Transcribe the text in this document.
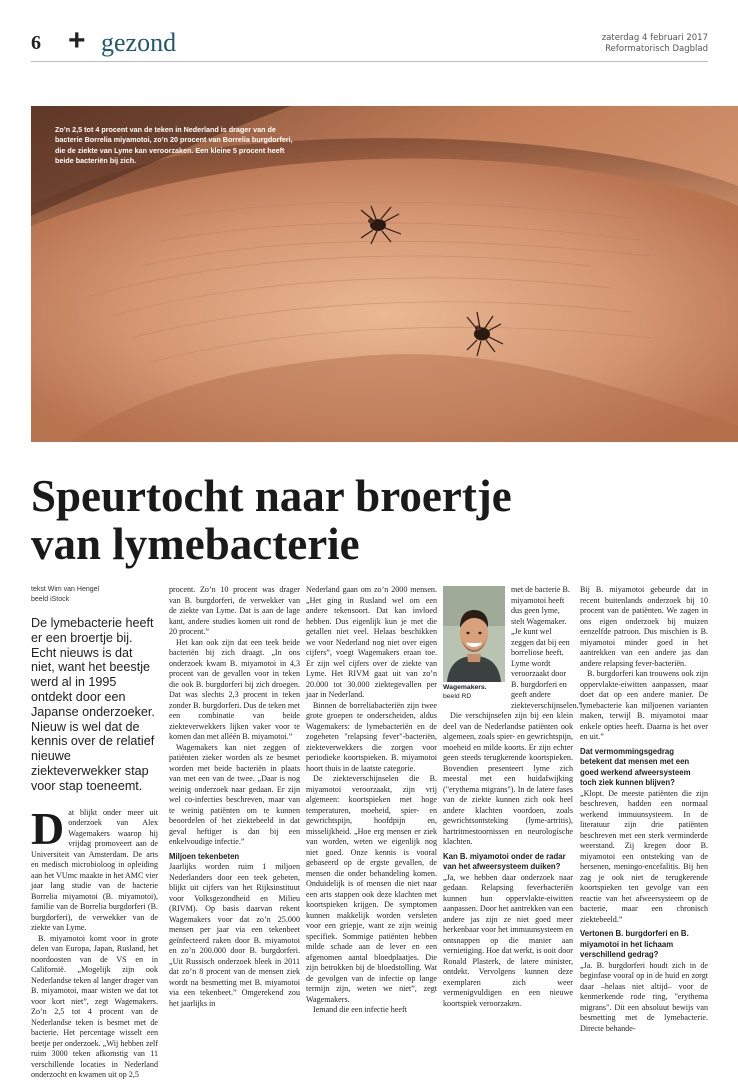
6 + gezond	zaterdag 4 februari 2017
Reformatorisch Dagblad
Zo’n 2,5 tot 4 procent van de teken in Nederland is drager van de bacterie Borrelia miyamotoi, zo’n 20 procent van Borrelia burgdorferi, die de ziekte van Lyme kan veroorzaken. Een kleine 5 procent heeft beide bacteriën bij zich.
Speurtocht naar broertje
van lymebacterie
tekst Wim van Hengel
beeld iStock
De lymebacterie heeft er een broertje bij. Echt nieuws is dat niet, want het beestje werd al in 1995 ontdekt door een Japanse onderzoeker. Nieuw is wel dat de kennis over de relatief nieuwe ziekteverwekker stap voor stap toeneemt.
D at blijkt onder meer uit onderzoek van Alex Wagemakers waarop hij vrijdag promoveert aan de Universiteit van Amsterdam. De arts en medisch microbioloog in opleiding aan het VUmc maakte in het AMC vier jaar lang studie van de bacterie Borrelia miyamotoi (B. miyamotoi), familie van de Borrelia burgdorferi (B. burgdorferi), de verwekker van de ziekte van Lyme.

B. miyamotoi komt voor in grote delen van Europa, Japan, Rusland, het noordoosten van de VS en in Californië. „Mogelijk zijn ook Nederlandse teken al langer drager van B. miyamotoi, maar wisten we dat tot voor kort niet”, zegt Wagemakers. Zo’n 2,5 tot 4 procent van de Nederlandse teken is besmet met de bacterie. Het percentage wisselt een beetje per onderzoek. „Wij hebben zelf ruim 3000 teken afkomstig van 11 verschillende locaties in Nederland onderzocht en kwamen uit op 2,5

procent. Zo’n 10 procent was drager van B. burgdorferi, de verwekker van de ziekte van Lyme. Dat is aan de lage kant, andere studies komen uit rond de 20 procent.”

Het kan ook zijn dat een teek beide bacteriën bij zich draagt. „In ons onderzoek kwam B. miyamotoi in 4,3 procent van de gevallen voor in teken die ook B. burgdorferi bij zich droegen. Dat was slechts 2,3 procent in teken zonder B. burgdorferi. Dus de teken met een combinatie van beide ziekteverwekkers lijken vaker voor te komen dan met alléén B. miyamotoi.”

Wagemakers kan niet zeggen of patiënten zieker worden als ze besmet worden met beide bacteriën in plaats van met een van de twee. „Daar is nog weinig onderzoek naar gedaan. Er zijn wel co-infecties beschreven, maar van te weinig patiënten om te kunnen beoordelen of het ziektebeeld in dat geval heftiger is dan bij een enkelvoudige infectie.”

Miljoen tekenbeten

Jaarlijks worden ruim 1 miljoen Nederlanders door een teek gebeten, blijkt uit cijfers van het Rijksinstituut voor Volksgezondheid en Milieu (RIVM). Op basis daarvan rekent Wagemakers voor dat zo’n 25.000 mensen per jaar via een tekenbeet geïnfecteerd raken door B. miyamotoi en zo’n 200.000 door B. burgdorferi. „Uit Russisch onderzoek bleek in 2011 dat zo’n 8 procent van de mensen ziek wordt na besmetting met B. miyamotoi via een tekenbeet.” Omgerekend zou het jaarlijks in

Nederland gaan om zo’n 2000 mensen. „Het ging in Rusland wel om een andere tekensoort. Dat kan invloed hebben. Dus eigenlijk kun je met die getallen niet veel. Helaas beschikken we voor Nederland nog niet over eigen cijfers”, voegt Wagemakers eraan toe. Er zijn wel cijfers over de ziekte van Lyme. Het RIVM gaat uit van zo’n 20.000 tot 30.000 ziektegevallen per jaar in Nederland.

Binnen de borreliabacteriën zijn twee grote groepen te onderscheiden, aldus Wagemakers: de lymebacteriën en de zogeheten "relapsing fever"-bacteriën, ziekteverwekkers die zorgen voor periodieke koortspieken. B. miyamotoi hoort thuis in de laatste categorie.

De ziekteverschijnselen die B. miyamotoi veroorzaakt, zijn vrij algemeen: koortspieken met hoge temperaturen, moeheid, spier- en gewrichtspijn, hoofdpijn en, misselijkheid. „Hoe erg mensen er ziek van worden, weten we eigenlijk nog niet goed. Onze kennis is vooral gebaseerd op de ergste gevallen, de mensen die onder behandeling komen. Onduidelijk is of mensen die niet naar een arts stappen ook deze klachten met koortspieken krijgen. De symptomen kunnen makkelijk worden versleten voor een griepje, want ze zijn weinig specifiek. Sommige patiënten hebben milde schade aan de lever en een afgenomen aantal bloedplaatjes. Die zijn betrokken bij de bloedstolling. Wat de gevolgen van de infectie op lange termijn zijn, weten we niet”, zegt Wagemakers.

Iemand die een infectie heeft

Wagemakers.
beeld RD

met de bacterie B. miyamotoi heeft dus geen lyme, stelt Wagemaker. „Je kunt wel zeggen dat bij een borreliose heeft. Lyme wordt veroorzaakt door B. burgdorferi en geeft andere ziekteverschijnselen.”

Die verschijnselen zijn bij een klein deel van de Nederlandse patiënten ook algemeen, zoals spier- en gewrichtspijn, moeheid en milde koorts. Er zijn echter geen steeds terugkerende koortspieken. Bovendien presenteert lyme zich meestal met een huidafwijking ("erythema migrans"). In de latere fases van de ziekte kunnen zich ook heel andere klachten voordoen, zoals gewrichtsontsteking (lyme-artritis), hartritmestoornissen en neurologische klachten.

Kan B. miyamotoi onder de radar van het afweersysteem duiken?

„Ja, we hebben daar onderzoek naar gedaan. Relapsing feverbacteriën kunnen hun oppervlakte-eiwitten aanpassen. Door het aantrekken van een andere jas zijn ze niet goed meer herkenbaar voor het immuunsysteem en ontsnappen op die manier aan vernietiging. Hoe dat werkt, is ooit door Ronald Plasterk, de latere minister, ontdekt. Vervolgens kunnen deze exemplaren zich weer vermenigvuldigen en een nieuwe koortspiek veroorzaken.

Bij B. miyamotoi gebeurde dat in recent buitenlands onderzoek bij 10 procent van de patiënten. We zagen in ons eigen onderzoek bij muizen eenzelfde patroon. Dus mischien is B. miyamotoi minder goed in het aantrekken van een andere jas dan andere relapsing fever-bacteriën.

B. burgdorferi kan trouwens ook zijn oppervlakte-eiwitten aanpassen, maar doet dat op een andere manier. De lymebacterie kan miljoenen varianten maken, terwijl B. miyamotoi maar enkele opties heeft. Daarna is het over en uit.”

Dat vermommingsgedrag betekent dat mensen met een goed werkend afweersysteem toch ziek kunnen blijven?

„Klopt. De meeste patiënten die zijn beschreven, hadden een normaal werkend immuunsysteem. In de literatuur zijn drie patiënten beschreven met een sterk verminderde weerstand. Zij kregen door B. miyamotoi een ontsteking van de hersenen, meningo-encefalitis. Bij hen zag je ook niet de terugkerende koortspieken ten gevolge van een reactie van het afweersysteem op de bacterie, maar een chronisch ziektebeeld.”

Vertonen B. burgdorferi en B. miyamotoi in het lichaam verschillend gedrag?

„Ja. B. burgdorferi houdt zich in de beginfase vooral op in de huid en zorgt daar –helaas niet altijd– voor de kenmerkende rode ring, "erythema migrans". Dit een absoluut bewijs van besmetting met de lymebacterie. Directe behande-
